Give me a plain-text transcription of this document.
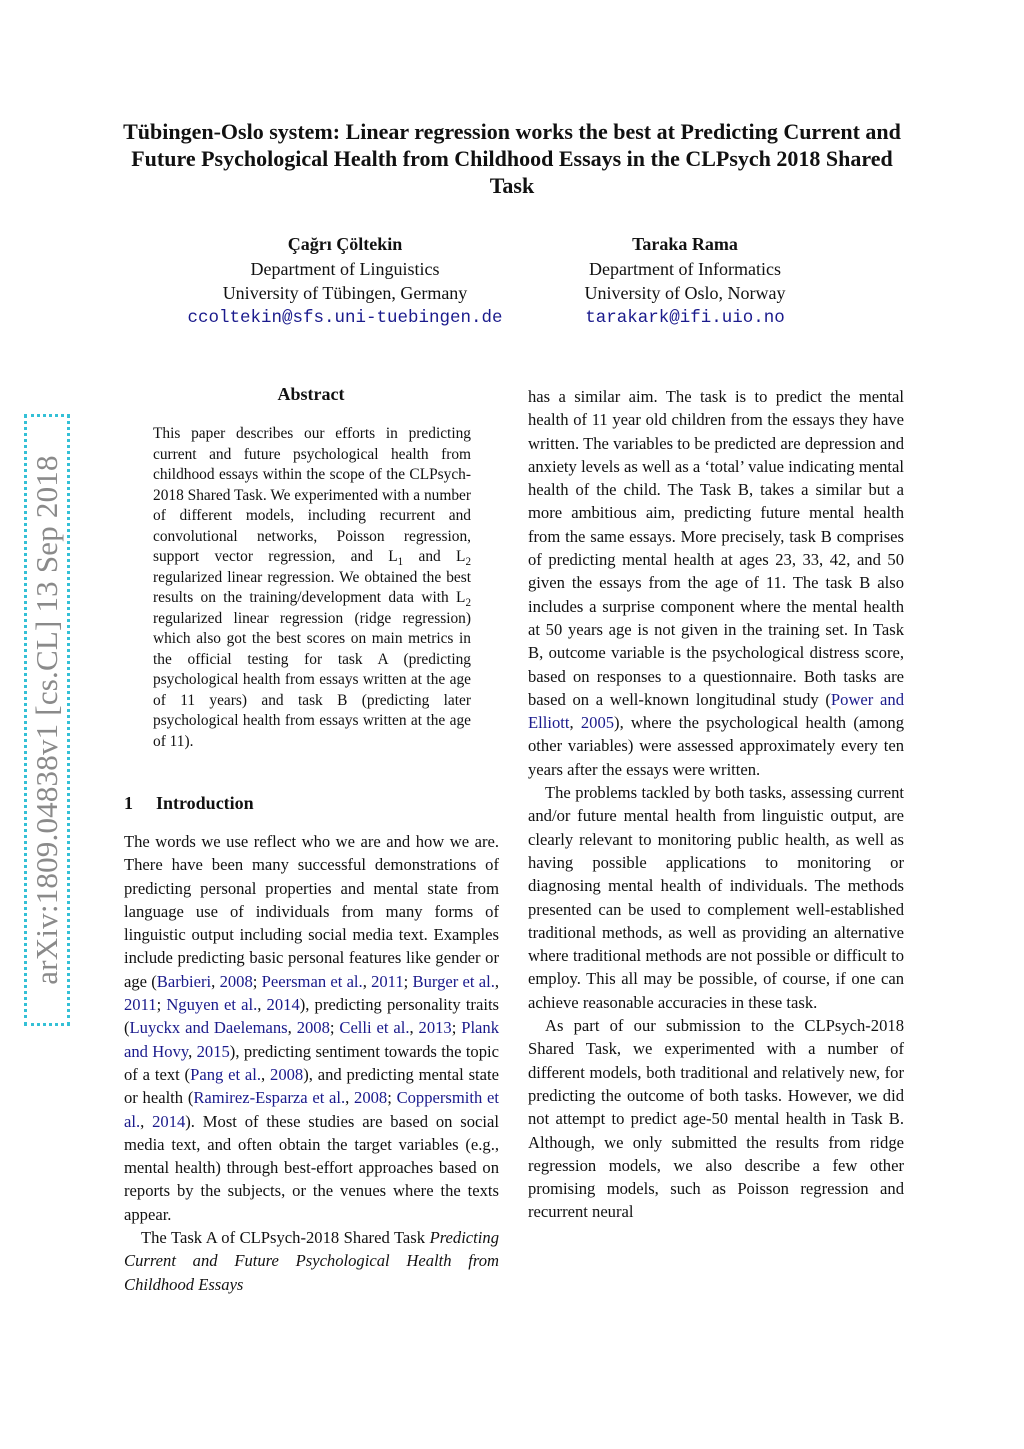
Tübingen-Oslo system: Linear regression works the best at Predicting Current and Future Psychological Health from Childhood Essays in the CLPsych 2018 Shared Task
Çağrı Çöltekin
Department of Linguistics
University of Tübingen, Germany
ccoltekin@sfs.uni-tuebingen.de
Taraka Rama
Department of Informatics
University of Oslo, Norway
tarakark@ifi.uio.no
arXiv:1809.04838v1 [cs.CL] 13 Sep 2018
Abstract
This paper describes our efforts in predicting current and future psychological health from childhood essays within the scope of the CLPsych-2018 Shared Task. We experimented with a number of different models, including recurrent and convolutional networks, Poisson regression, support vector regression, and $L_1$ and $L_2$ regularized linear regression. We obtained the best results on the training/development data with $L_2$ regularized linear regression (ridge regression) which also got the best scores on main metrics in the official testing for task A (predicting psychological health from essays written at the age of 11 years) and task B (predicting later psychological health from essays written at the age of 11).
1 Introduction

The words we use reflect who we are and how we are. There have been many successful demonstrations of predicting personal properties and mental state from language use of individuals from many forms of linguistic output including social media text. Examples include predicting basic personal features like gender or age (Barbieri, 2008; Peersman et al., 2011; Burger et al., 2011; Nguyen et al., 2014), predicting personality traits (Luyckx and Daelemans, 2008; Celli et al., 2013; Plank and Hovy, 2015), predicting sentiment towards the topic of a text (Pang et al., 2008), and predicting mental state or health (Ramirez-Esparza et al., 2008; Coppersmith et al., 2014). Most of these studies are based on social media text, and often obtain the target variables (e.g., mental health) through best-effort approaches based on reports by the subjects, or the venues where the texts appear.

The Task A of CLPsych-2018 Shared Task Predicting Current and Future Psychological Health from Childhood Essays

has a similar aim. The task is to predict the mental health of 11 year old children from the essays they have written. The variables to be predicted are depression and anxiety levels as well as a ‘total’ value indicating mental health of the child. The Task B, takes a similar but a more ambitious aim, predicting future mental health from the same essays. More precisely, task B comprises of predicting mental health at ages 23, 33, 42, and 50 given the essays from the age of 11. The task B also includes a surprise component where the mental health at 50 years age is not given in the training set. In Task B, outcome variable is the psychological distress score, based on responses to a questionnaire. Both tasks are based on a well-known longitudinal study (Power and Elliott, 2005), where the psychological health (among other variables) were assessed approximately every ten years after the essays were written.

The problems tackled by both tasks, assessing current and/or future mental health from linguistic output, are clearly relevant to monitoring public health, as well as having possible applications to monitoring or diagnosing mental health of individuals. The methods presented can be used to complement well-established traditional methods, as well as providing an alternative where traditional methods are not possible or difficult to employ. This all may be possible, of course, if one can achieve reasonable accuracies in these task.

As part of our submission to the CLPsych-2018 Shared Task, we experimented with a number of different models, both traditional and relatively new, for predicting the outcome of both tasks. However, we did not attempt to predict age-50 mental health in Task B. Although, we only submitted the results from ridge regression models, we also describe a few other promising models, such as Poisson regression and recurrent neural
